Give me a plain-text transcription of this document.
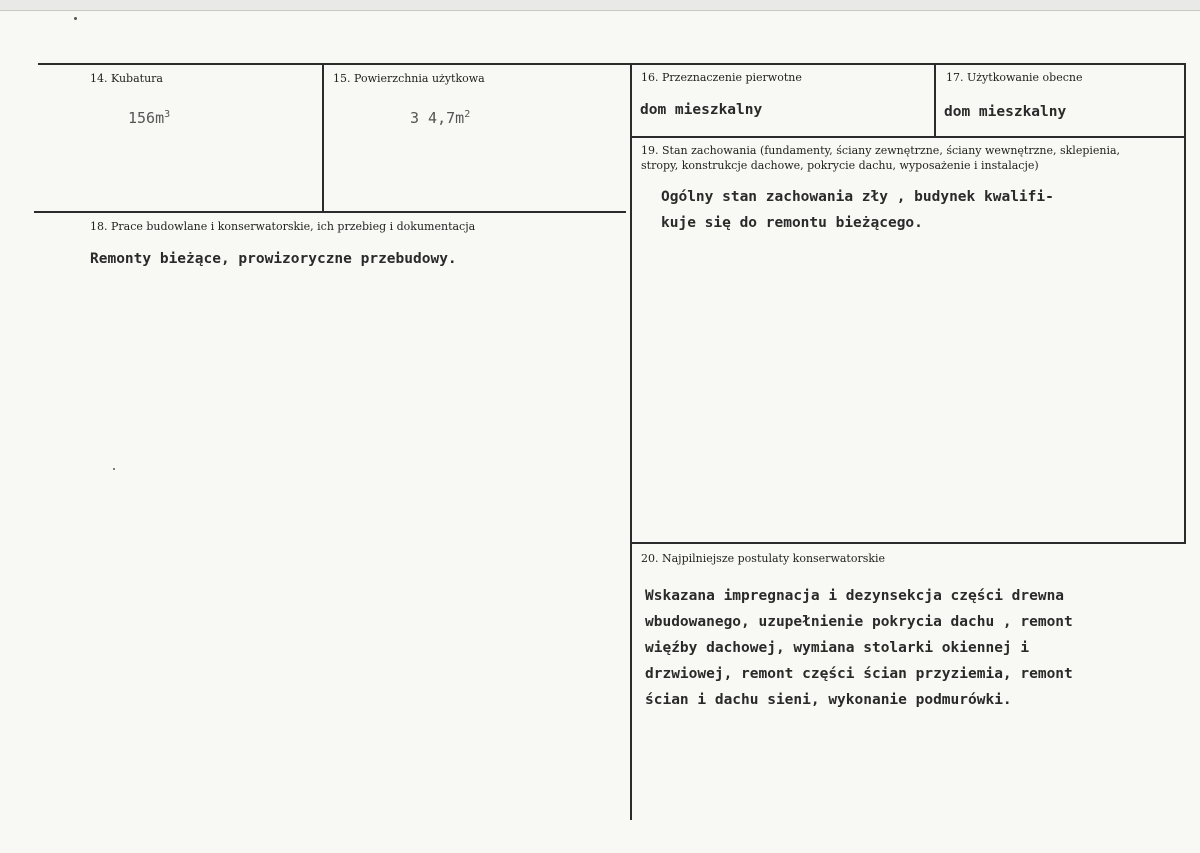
14. Kubatura
$156m^3$
15. Powierzchnia użytkowa
3 $4,7m^2$
16. Przeznaczenie pierwotne
dom mieszkalny
17. Użytkowanie obecne
dom mieszkalny
18. Prace budowlane i konserwatorskie, ich przebieg i dokumentacja
Remonty bieżące, prowizoryczne przebudowy.
19. Stan zachowania (fundamenty, ściany zewnętrzne, ściany wewnętrzne, sklepienia, stropy, konstrukcje dachowe, pokrycie dachu, wyposażenie i instalacje)
Ogólny stan zachowania zły , budynek kwalifi-
kuje się do remontu bieżącego.
20. Najpilniejsze postulaty konserwatorskie
Wskazana impregnacja i dezynsekcja części drewna
wbudowanego, uzupełnienie pokrycia dachu , remont
więźby dachowej, wymiana stolarki okiennej i
drzwiowej, remont części ścian przyziemia, remont
ścian i dachu sieni, wykonanie podmurówki.
